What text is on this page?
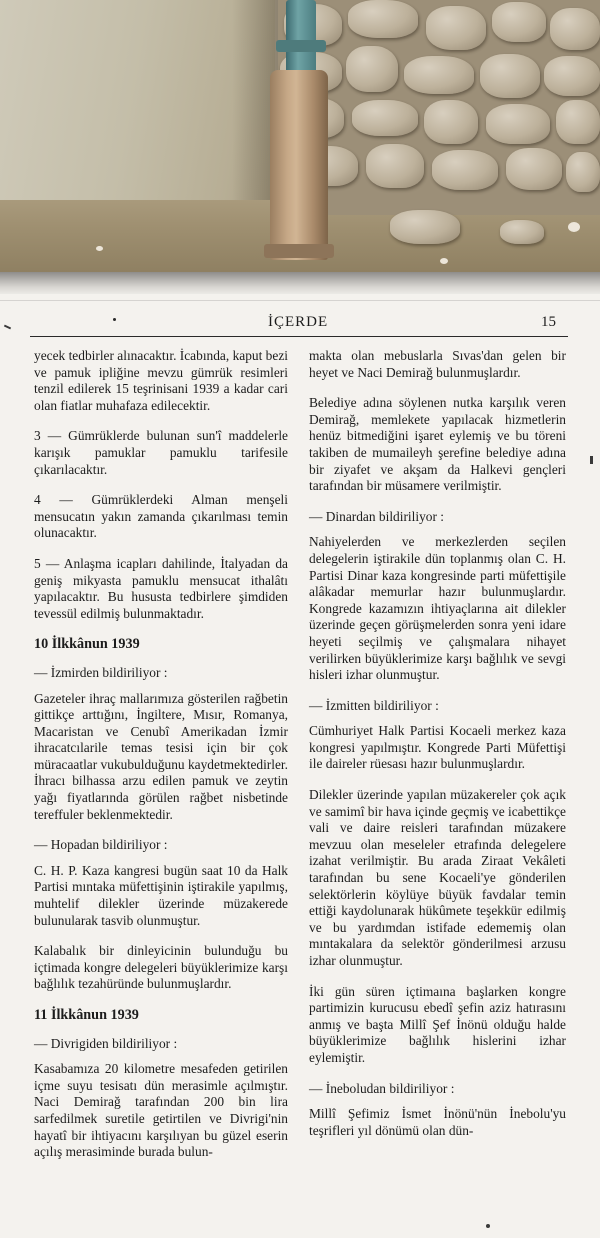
İÇERDE	15

yecek tedbirler alınacaktır. İcabında, kaput bezi ve pamuk ipliğine mevzu gümrük resimleri tenzil edilerek 15 teşrinisani 1939 a kadar cari olan fiatlar muhafaza edilecektir.

3 — Gümrüklerde bulunan sun'î maddelerle karışık pamuklar pamuklu tarifesile çıkarılacaktır.

4 — Gümrüklerdeki Alman menşeli mensucatın yakın zamanda çıkarılması temin olunacaktır.

5 — Anlaşma icapları dahilinde, İtalyadan da geniş mikyasta pamuklu mensucat ithalâtı yapılacaktır. Bu hususta tedbirlere şimdiden tevessül edilmiş bulunmaktadır.

10 İlkkânun 1939

— İzmirden bildiriliyor :

Gazeteler ihraç mallarımıza gösterilen rağbetin gittikçe arttığını, İngiltere, Mısır, Romanya, Macaristan ve Cenubî Amerikadan İzmir ihracatcılarile temas tesisi için bir çok müracaatlar vukubulduğunu kaydetmektedirler. İhracı bilhassa arzu edilen pamuk ve zeytin yağı fiyatlarında görülen rağbet nisbetinde tereffuler beklenmektedir.

— Hopadan bildiriliyor :

C. H. P. Kaza kangresi bugün saat 10 da Halk Partisi mıntaka müfettişinin iştirakile yapılmış, muhtelif dilekler üzerinde müzakerede bulunularak tasvib olunmuştur.

Kalabalık bir dinleyicinin bulunduğu bu içtimada kongre delegeleri büyüklerimize karşı bağlılık tezahüründe bulunmuşlardır.

11 İlkkânun 1939

— Divrigiden bildiriliyor :

Kasabamıza 20 kilometre mesafeden getirilen içme suyu tesisatı dün merasimle açılmıştır. Naci Demirağ tarafından 200 bin lira sarfedilmek suretile getirtilen ve Divrigi'nin hayatî bir ihtiyacını karşılıyan bu güzel eserin açılış merasiminde burada bulun-

makta olan mebuslarla Sıvas'dan gelen bir heyet ve Naci Demirağ bulunmuşlardır.

Belediye adına söylenen nutka karşılık veren Demirağ, memlekete yapılacak hizmetlerin henüz bitmediğini işaret eylemiş ve bu töreni takiben de mumaileyh şerefine belediye adına bir ziyafet ve akşam da Halkevi gençleri tarafından bir müsamere verilmiştir.

— Dinardan bildiriliyor :

Nahiyelerden ve merkezlerden seçilen delegelerin iştirakile dün toplanmış olan C. H. Partisi Dinar kaza kongresinde parti müfettişile alâkadar memurlar hazır bulunmuşlardır. Kongrede kazamızın ihtiyaçlarına ait dilekler üzerinde geçen görüşmelerden sonra yeni idare heyeti seçilmiş ve çalışmalara nihayet verilirken büyüklerimize karşı bağlılık ve sevgi hisleri izhar olunmuştur.

— İzmitten bildiriliyor :

Cümhuriyet Halk Partisi Kocaeli merkez kaza kongresi yapılmıştır. Kongrede Parti Müfettişi ile daireler rüesası hazır bulunmuşlardır.

Dilekler üzerinde yapılan müzakereler çok açık ve samimî bir hava içinde geçmiş ve icabettikçe vali ve daire reisleri tarafından müzakere mevzuu olan meseleler etrafında delegelere izahat verilmiştir. Bu arada Ziraat Vekâleti tarafından bu sene Kocaeli'ye gönderilen selektörlerin köylüye büyük favdalar temin ettiği kaydolunarak hükûmete teşekkür edilmiş ve bu yardımdan istifade edememiş olan mıntakalara da selektör gönderilmesi arzusu izhar olunmuştur.

İki gün süren içtimaına başlarken kongre partimizin kurucusu ebedî şefin aziz hatırasını anmış ve başta Millî Şef İnönü olduğu halde büyüklerimize bağlılık hislerini izhar eylemiştir.

— İneboludan bildiriliyor :

Millî Şefimiz İsmet İnönü'nün İnebolu'yu teşrifleri yıl dönümü olan dün-
